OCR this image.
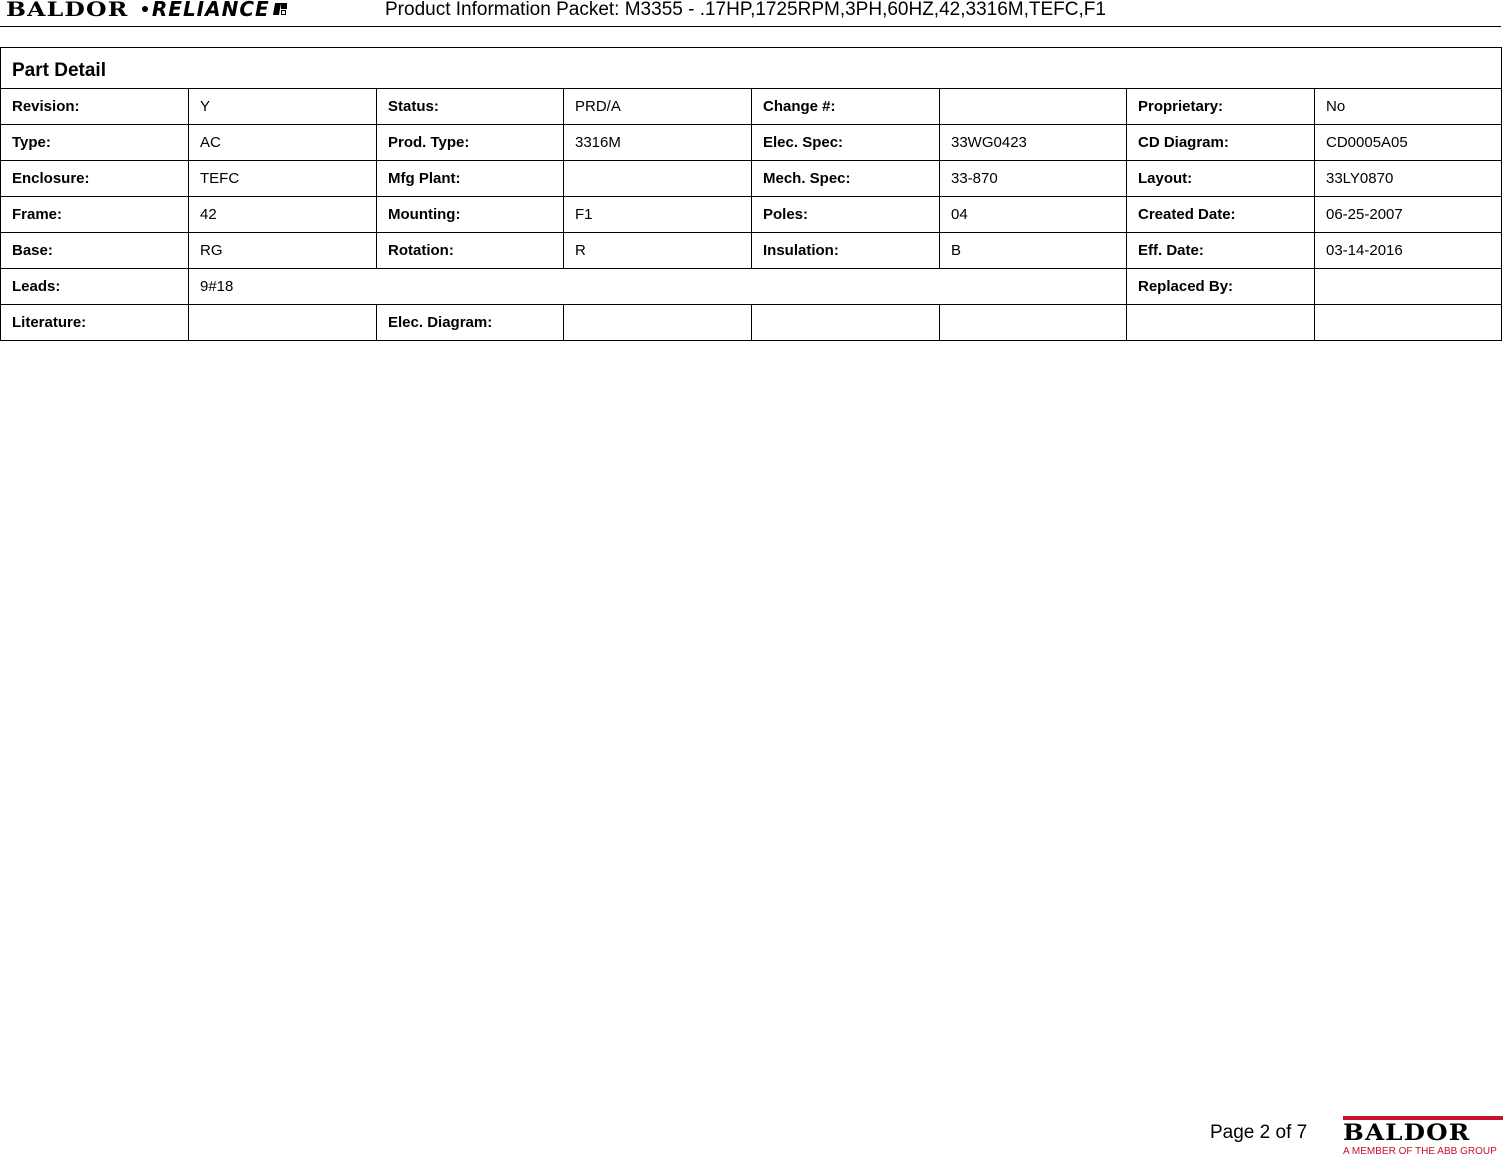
BALDOR RELIANCE	Product Information Packet: M3355 - .17HP,1725RPM,3PH,60HZ,42,3316M,TEFC,F1
Part Detail							
Revision:	Y	Status:	PRD/A	Change #:		Proprietary:	No
Type:	AC	Prod. Type:	3316M	Elec. Spec:	33WG0423	CD Diagram:	CD0005A05
Enclosure:	TEFC	Mfg Plant:		Mech. Spec:	33-870	Layout:	33LY0870
Frame:	42	Mounting:	F1	Poles:	04	Created Date:	06-25-2007
Base:	RG	Rotation:	R	Insulation:	B	Eff. Date:	03-14-2016
Leads:	9#18					Replaced By:	
Literature:		Elec. Diagram:					
Page 2 of 7 BALDOR
A MEMBER OF THE ABB GROUP
